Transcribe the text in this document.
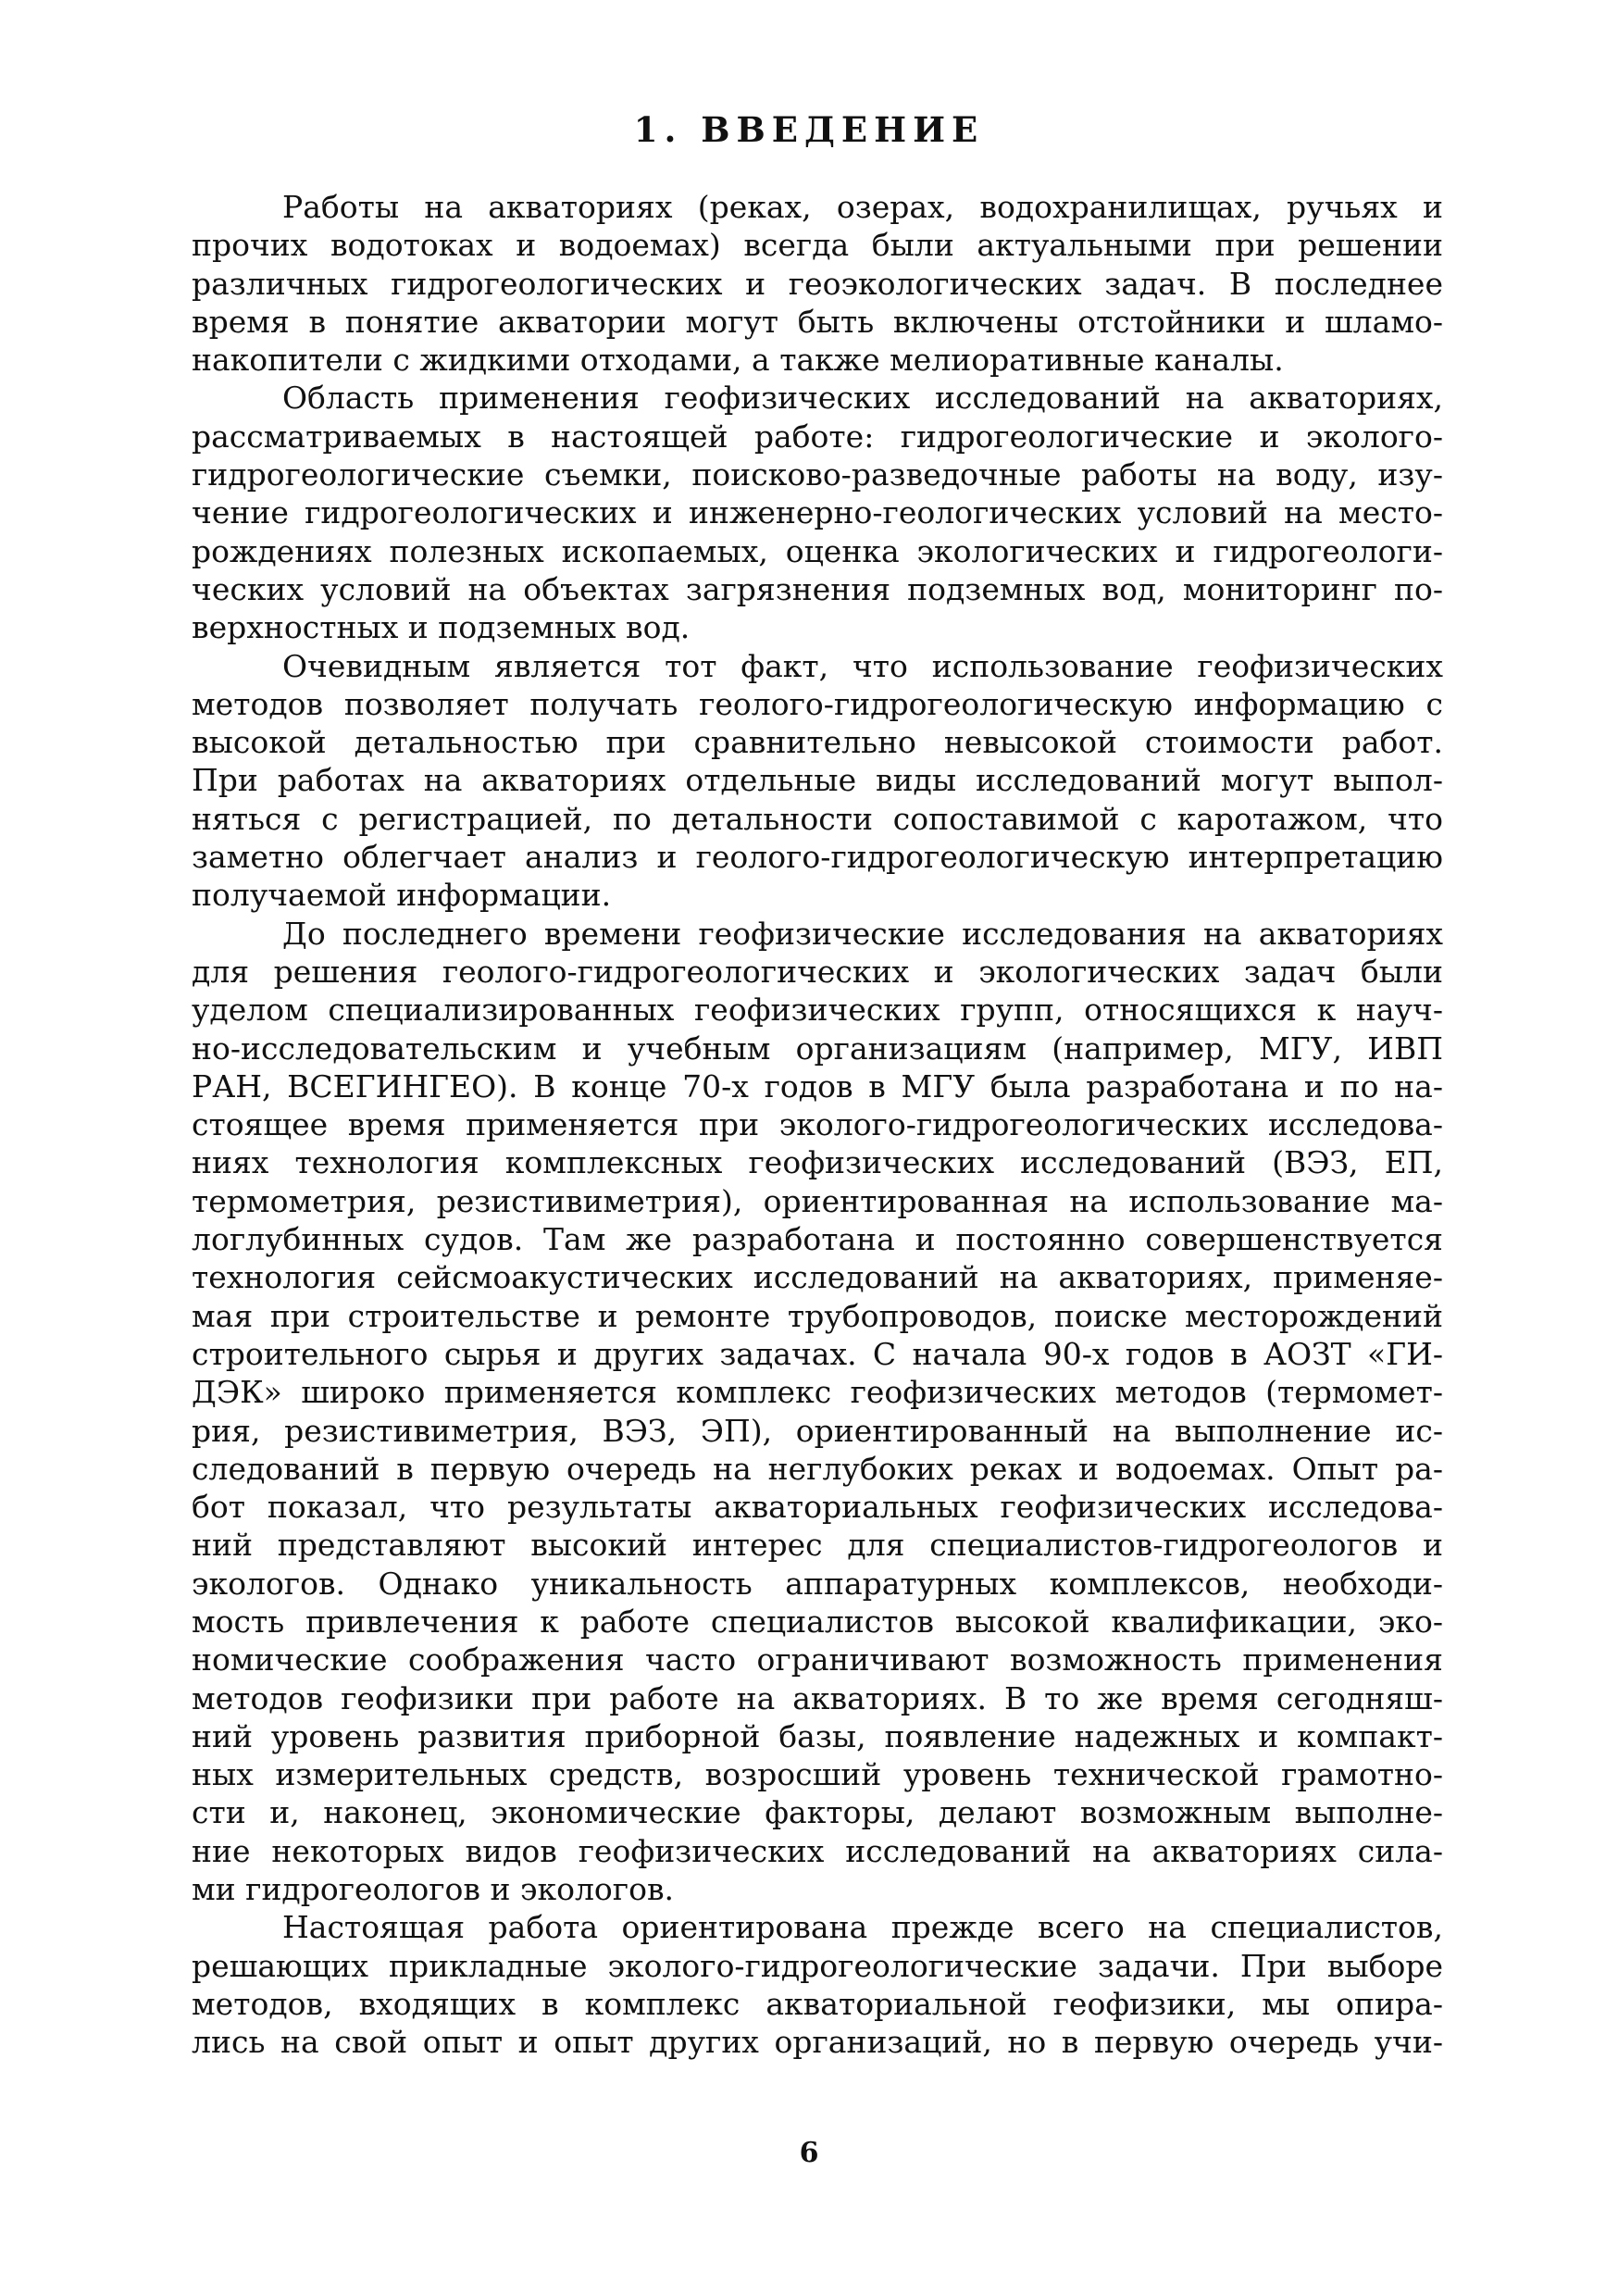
1. ВВЕДЕНИЕ
Работы на акваториях (реках, озерах, водохранилищах, ручьях и
прочих водотоках и водоемах) всегда были актуальными при решении
различных гидрогеологических и геоэкологических задач. В последнее
время в понятие акватории могут быть включены отстойники и шламо-
накопители с жидкими отходами, а также мелиоративные каналы.
Область применения геофизических исследований на акваториях,
рассматриваемых в настоящей работе: гидрогеологические и эколого-
гидрогеологические съемки, поисково-разведочные работы на воду, изу-
чение гидрогеологических и инженерно-геологических условий на место-
рождениях полезных ископаемых, оценка экологических и гидрогеологи-
ческих условий на объектах загрязнения подземных вод, мониторинг по-
верхностных и подземных вод.
Очевидным является тот факт, что использование геофизических
методов позволяет получать геолого-гидрогеологическую информацию с
высокой детальностью при сравнительно невысокой стоимости работ.
При работах на акваториях отдельные виды исследований могут выпол-
няться с регистрацией, по детальности сопоставимой с каротажом, что
заметно облегчает анализ и геолого-гидрогеологическую интерпретацию
получаемой информации.
До последнего времени геофизические исследования на акваториях
для решения геолого-гидрогеологических и экологических задач были
уделом специализированных геофизических групп, относящихся к науч-
но-исследовательским и учебным организациям (например, МГУ, ИВП
РАН, ВСЕГИНГЕО). В конце 70-х годов в МГУ была разработана и по на-
стоящее время применяется при эколого-гидрогеологических исследова-
ниях технология комплексных геофизических исследований (ВЭЗ, ЕП,
термометрия, резистивиметрия), ориентированная на использование ма-
логлубинных судов. Там же разработана и постоянно совершенствуется
технология сейсмоакустических исследований на акваториях, применяе-
мая при строительстве и ремонте трубопроводов, поиске месторождений
строительного сырья и других задачах. С начала 90-х годов в АОЗТ «ГИ-
ДЭК» широко применяется комплекс геофизических методов (термомет-
рия, резистивиметрия, ВЭЗ, ЭП), ориентированный на выполнение ис-
следований в первую очередь на неглубоких реках и водоемах. Опыт ра-
бот показал, что результаты акваториальных геофизических исследова-
ний представляют высокий интерес для специалистов-гидрогеологов и
экологов. Однако уникальность аппаратурных комплексов, необходи-
мость привлечения к работе специалистов высокой квалификации, эко-
номические соображения часто ограничивают возможность применения
методов геофизики при работе на акваториях. В то же время сегодняш-
ний уровень развития приборной базы, появление надежных и компакт-
ных измерительных средств, возросший уровень технической грамотно-
сти и, наконец, экономические факторы, делают возможным выполне-
ние некоторых видов геофизических исследований на акваториях сила-
ми гидрогеологов и экологов.
Настоящая работа ориентирована прежде всего на специалистов,
решающих прикладные эколого-гидрогеологические задачи. При выборе
методов, входящих в комплекс акваториальной геофизики, мы опира-
лись на свой опыт и опыт других организаций, но в первую очередь учи-
6
